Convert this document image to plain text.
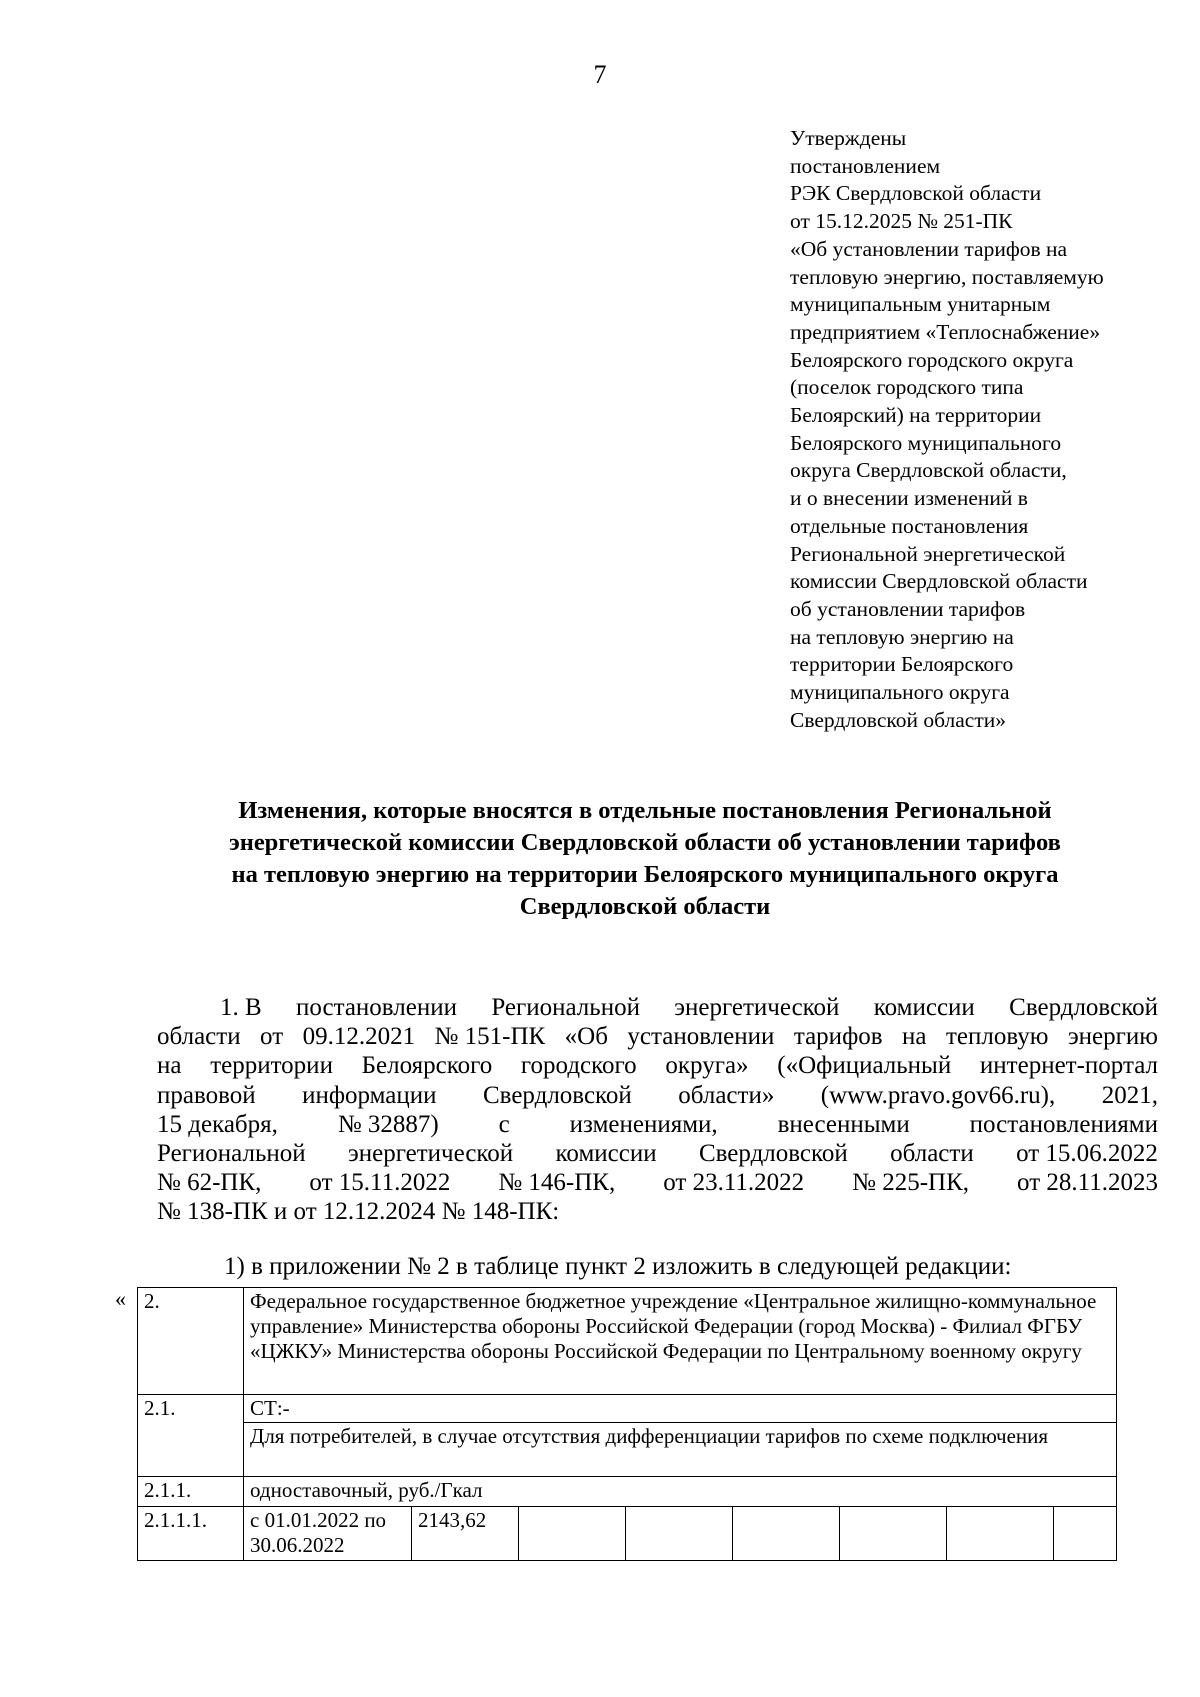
7
Утверждены
постановлением
РЭК Свердловской области
от 15.12.2025 № 251-ПК
«Об установлении тарифов на
тепловую энергию, поставляемую
муниципальным унитарным
предприятием «Теплоснабжение»
Белоярского городского округа
(поселок городского типа
Белоярский) на территории
Белоярского муниципального
округа Свердловской области,
и о внесении изменений в
отдельные постановления
Региональной энергетической
комиссии Свердловской области
об установлении тарифов
на тепловую энергию на
территории Белоярского
муниципального округа
Свердловской области»
Изменения, которые вносятся в отдельные постановления Региональной
энергетической комиссии Свердловской области об установлении тарифов
на тепловую энергию на территории Белоярского муниципального округа
Свердловской области
1. В постановлении Региональной энергетической комиссии Свердловской
области от 09.12.2021 № 151-ПК «Об установлении тарифов на тепловую энергию
на территории Белоярского городского округа» («Официальный интернет-портал
правовой информации Свердловской области» (www.pravo.gov66.ru), 2021,
15 декабря, № 32887) с изменениями, внесенными постановлениями
Региональной энергетической комиссии Свердловской области от 15.06.2022
№ 62-ПК, от 15.11.2022 № 146-ПК, от 23.11.2022 № 225-ПК, от 28.11.2023
№ 138-ПК и от 12.12.2024 № 148-ПК:
1) в приложении № 2 в таблице пункт 2 изложить в следующей редакции:
« 2.	Федеральное государственное бюджетное учреждение «Центральное жилищно-коммунальное управление» Министерства обороны Российской Федерации (город Москва) - Филиал ФГБУ «ЦЖКУ» Министерства обороны Российской Федерации по Центральному военному округу							
2.1.	СТ:-							
	Для потребителей, в случае отсутствия дифференциации тарифов по схеме подключения							
2.1.1.	одноставочный, руб./Гкал							
2.1.1.1.	с 01.01.2022 по 30.06.2022	2143,62						
